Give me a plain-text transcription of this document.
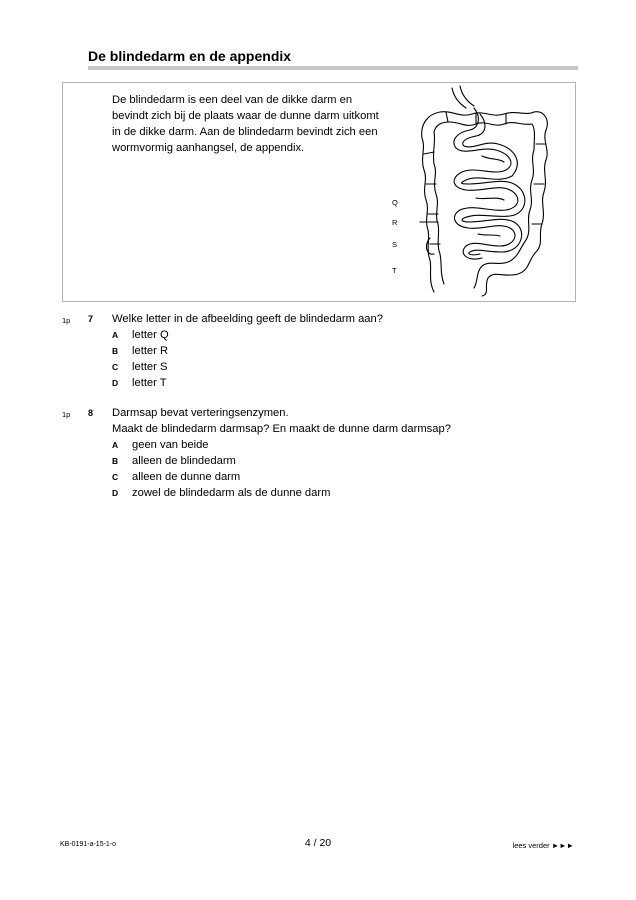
De blindedarm en de appendix
De blindedarm is een deel van de dikke darm en bevindt zich bij de plaats waar de dunne darm uitkomt in de dikke darm. Aan de blindedarm bevindt zich een wormvormig aanhangsel, de appendix.
Q
R
S
T
1p 7 Welke letter in de afbeelding geeft de blindedarm aan?
A letter Q
B letter R
C letter S
D letter T
1p 8 Darmsap bevat verteringsenzymen.
Maakt de blindedarm darmsap? En maakt de dunne darm darmsap?
A geen van beide
B alleen de blindedarm
C alleen de dunne darm
D zowel de blindedarm als de dunne darm
KB-0191-a-15-1-o	4 / 20	lees verder ►►►
